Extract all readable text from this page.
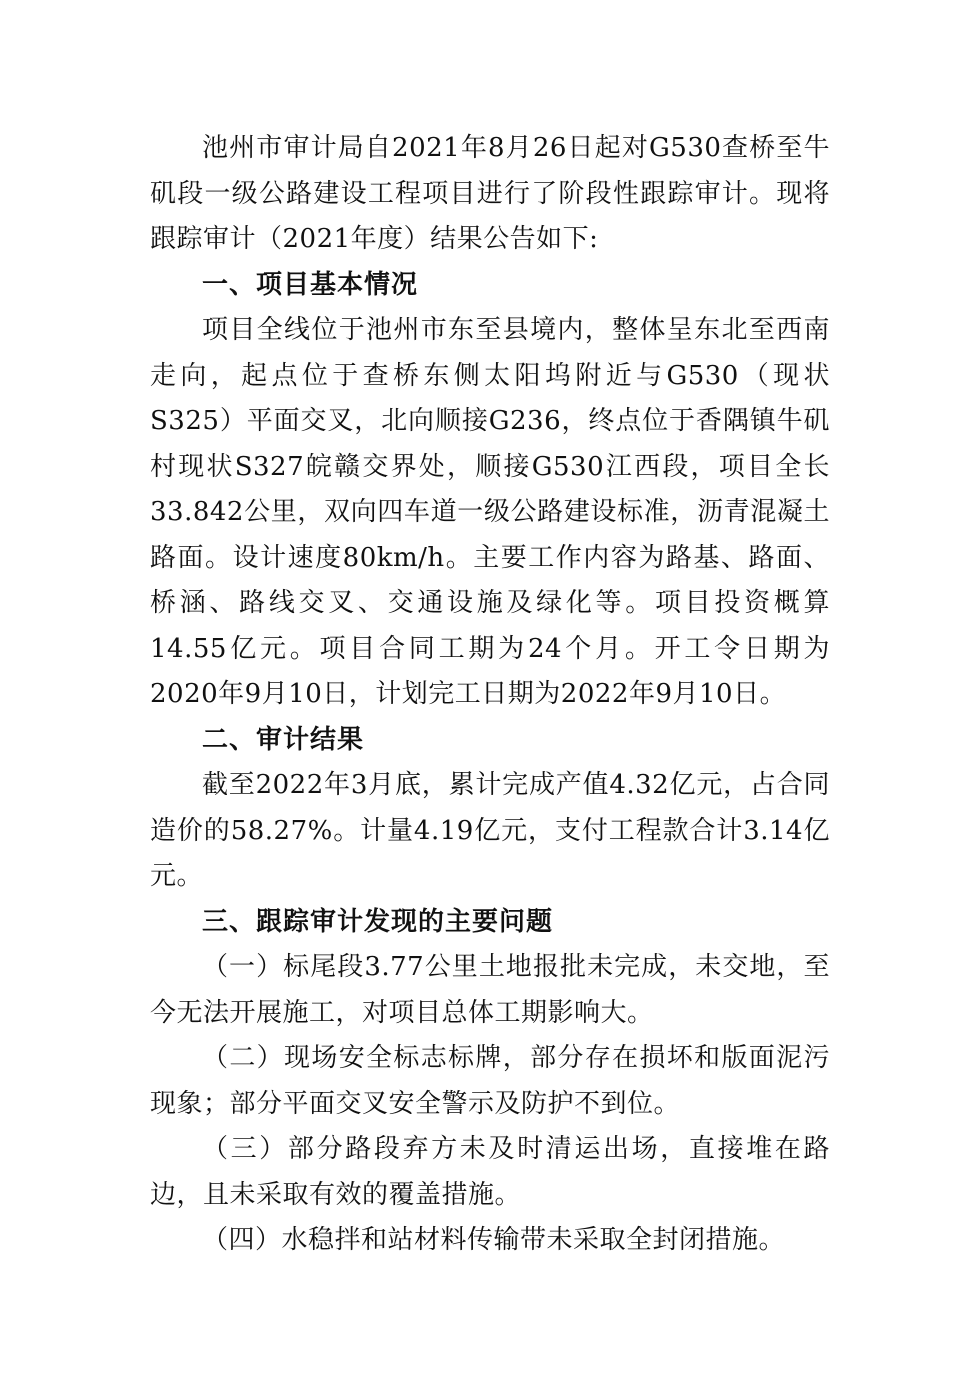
池州市审计局自2021年8月26日起对G530查桥至牛矶段一级公路建设工程项目进行了阶段性跟踪审计。现将跟踪审计（2021年度）结果公告如下:

一、项目基本情况

项目全线位于池州市东至县境内，整体呈东北至西南走向，起点位于查桥东侧太阳坞附近与G530（现状S325）平面交叉，北向顺接G236，终点位于香隅镇牛矶村现状S327皖赣交界处，顺接G530江西段，项目全长33.842公里，双向四车道一级公路建设标准，沥青混凝土路面。设计速度80km/h。主要工作内容为路基、路面、桥涵、路线交叉、交通设施及绿化等。项目投资概算14.55亿元。项目合同工期为24个月。开工令日期为2020年9月10日，计划完工日期为2022年9月10日。

二、审计结果

截至2022年3月底，累计完成产值4.32亿元，占合同造价的58.27%。计量4.19亿元，支付工程款合计3.14亿元。

三、跟踪审计发现的主要问题

（一）标尾段3.77公里土地报批未完成，未交地，至今无法开展施工，对项目总体工期影响大。

（二）现场安全标志标牌，部分存在损坏和版面泥污现象；部分平面交叉安全警示及防护不到位。

（三）部分路段弃方未及时清运出场，直接堆在路边，且未采取有效的覆盖措施。

（四）水稳拌和站材料传输带未采取全封闭措施。
